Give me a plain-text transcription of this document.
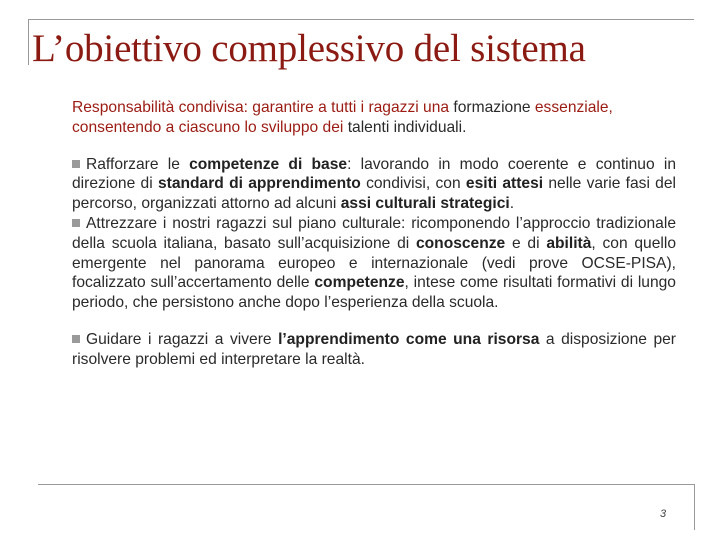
L’obiettivo complessivo del sistema

Responsabilità condivisa: garantire a tutti i ragazzi una formazione essenziale, consentendo a ciascuno lo sviluppo dei talenti individuali.

Rafforzare le competenze di base: lavorando in modo coerente e continuo in direzione di standard di apprendimento condivisi, con esiti attesi nelle varie fasi del percorso, organizzati attorno ad alcuni assi culturali strategici.

Attrezzare i nostri ragazzi sul piano culturale: ricomponendo l’approccio tradizionale della scuola italiana, basato sull’acquisizione di conoscenze e di abilità, con quello emergente nel panorama europeo e internazionale (vedi prove OCSE-PISA), focalizzato sull’accertamento delle competenze, intese come risultati formativi di lungo periodo, che persistono anche dopo l’esperienza della scuola.

Guidare i ragazzi a vivere l’apprendimento come una risorsa a disposizione per risolvere problemi ed interpretare la realtà.

3
